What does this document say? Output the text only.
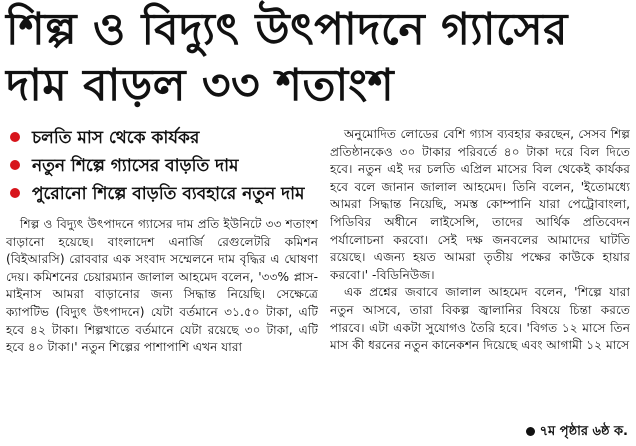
শিল্প ও বিদ্যুৎ উৎপাদনে গ্যাসের
দাম বাড়ল ৩৩ শতাংশ
চলতি মাস থেকে কার্যকর
নতুন শিল্পে গ্যাসের বাড়তি দাম
পুরোনো শিল্পে বাড়তি ব্যবহারে নতুন দাম

শিল্প ও বিদ্যুৎ উৎপাদনে গ্যাসের দাম প্রতি ইউনিটে ৩৩ শতাংশ বাড়ানো হয়েছে। বাংলাদেশ এনার্জি রেগুলেটরি কমিশন (বিইআরসি) রোববার এক সংবাদ সম্মেলনে দাম বৃদ্ধির এ ঘোষণা দেয়। কমিশনের চেয়ারম্যান জালাল আহমেদ বলেন, '৩৩% প্লাস-মাইনাস আমরা বাড়ানোর জন্য সিদ্ধান্ত নিয়েছি। সেক্ষেত্রে ক্যাপটিভ (বিদ্যুৎ উৎপাদনে) যেটা বর্তমানে ৩১.৫০ টাকা, এটি হবে ৪২ টাকা। শিল্পখাতে বর্তমানে যেটা রয়েছে ৩০ টাকা, এটি হবে ৪০ টাকা।' নতুন শিল্পের পাশাপাশি এখন যারা

অনুমোদিত লোডের বেশি গ্যাস ব্যবহার করছেন, সেসব শিল্প প্রতিষ্ঠানকেও ৩০ টাকার পরিবর্তে ৪০ টাকা দরে বিল দিতে হবে। নতুন এই দর চলতি এপ্রিল মাসের বিল থেকেই কার্যকর হবে বলে জানান জালাল আহমেদ। তিনি বলেন, 'ইতোমধ্যে আমরা সিদ্ধান্ত নিয়েছি, সমস্ত কোম্পানি যারা পেট্রোবাংলা, পিডিবির অধীনে লাইসেন্সি, তাদের আর্থিক প্রতিবেদন পর্যালোচনা করবো। সেই দক্ষ জনবলের আমাদের ঘাটতি রয়েছে। এজন্য হয়ত আমরা তৃতীয় পক্ষের কাউকে হায়ার করবো।' -বিডিনিউজ।

এক প্রশ্নের জবাবে জালাল আহমেদ বলেন, 'শিল্পে যারা নতুন আসবে, তারা বিকল্প জ্বালানির বিষয়ে চিন্তা করতে পারবে। এটা একটা সুযোগও তৈরি হবে। 'বিগত ১২ মাসে তিন মাস কী ধরনের নতুন কানেকশন দিয়েছে এবং আগামী ১২ মাসে

৭ম পৃষ্ঠার ৬ষ্ঠ ক.
